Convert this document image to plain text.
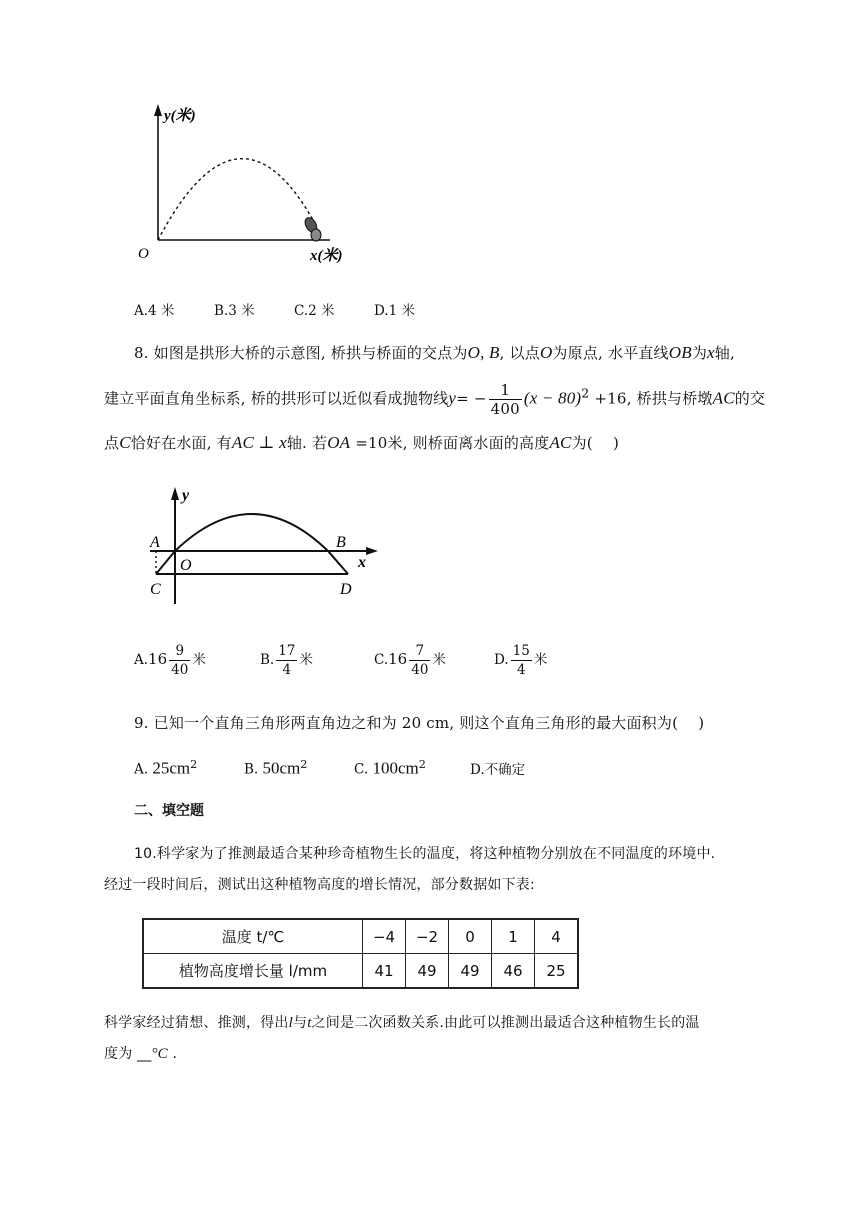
y(米)
O	x(米)
A.4 米	B.3 米	C.2 米	D.1 米
8. 如图是拱形大桥的示意图, 桥拱与桥面的交点为O, B, 以点O为原点, 水平直线OB为x轴,
建立平面直角坐标系, 桥的拱形可以近似看成抛物线$y= - \frac{1}{400} (x - 80)^2 +16$, 桥拱与桥墩AC的交
点C恰好在水面, 有AC ⊥ x轴. 若OA =10米, 则桥面离水面的高度AC为(　 )
y
A
O
B
x
C	D
$A.16 \frac{9}{40}$ 米	B. $\frac{17}{4}$ 米	$C.16 \frac{7}{40}$ 米	D. $\frac{15}{4}$ 米
9. 已知一个直角三角形两直角边之和为 20 cm, 则这个直角三角形的最大面积为(　 )
A. $25cm^2$	B. $50cm^2$	C. $100cm^2$	D.不确定
二、填空题
10.科学家为了推测最适合某种珍奇植物生长的温度，将这种植物分别放在不同温度的环境中.
经过一段时间后，测试出这种植物高度的增长情况，部分数据如下表:
温度 t/℃	−4	−2	0	1	4
植物高度增长量 l/mm	41	49	49	46	25
科学家经过猜想、推测，得出l与t之间是二次函数关系.由此可以推测出最适合这种植物生长的温
度为 __°C .
